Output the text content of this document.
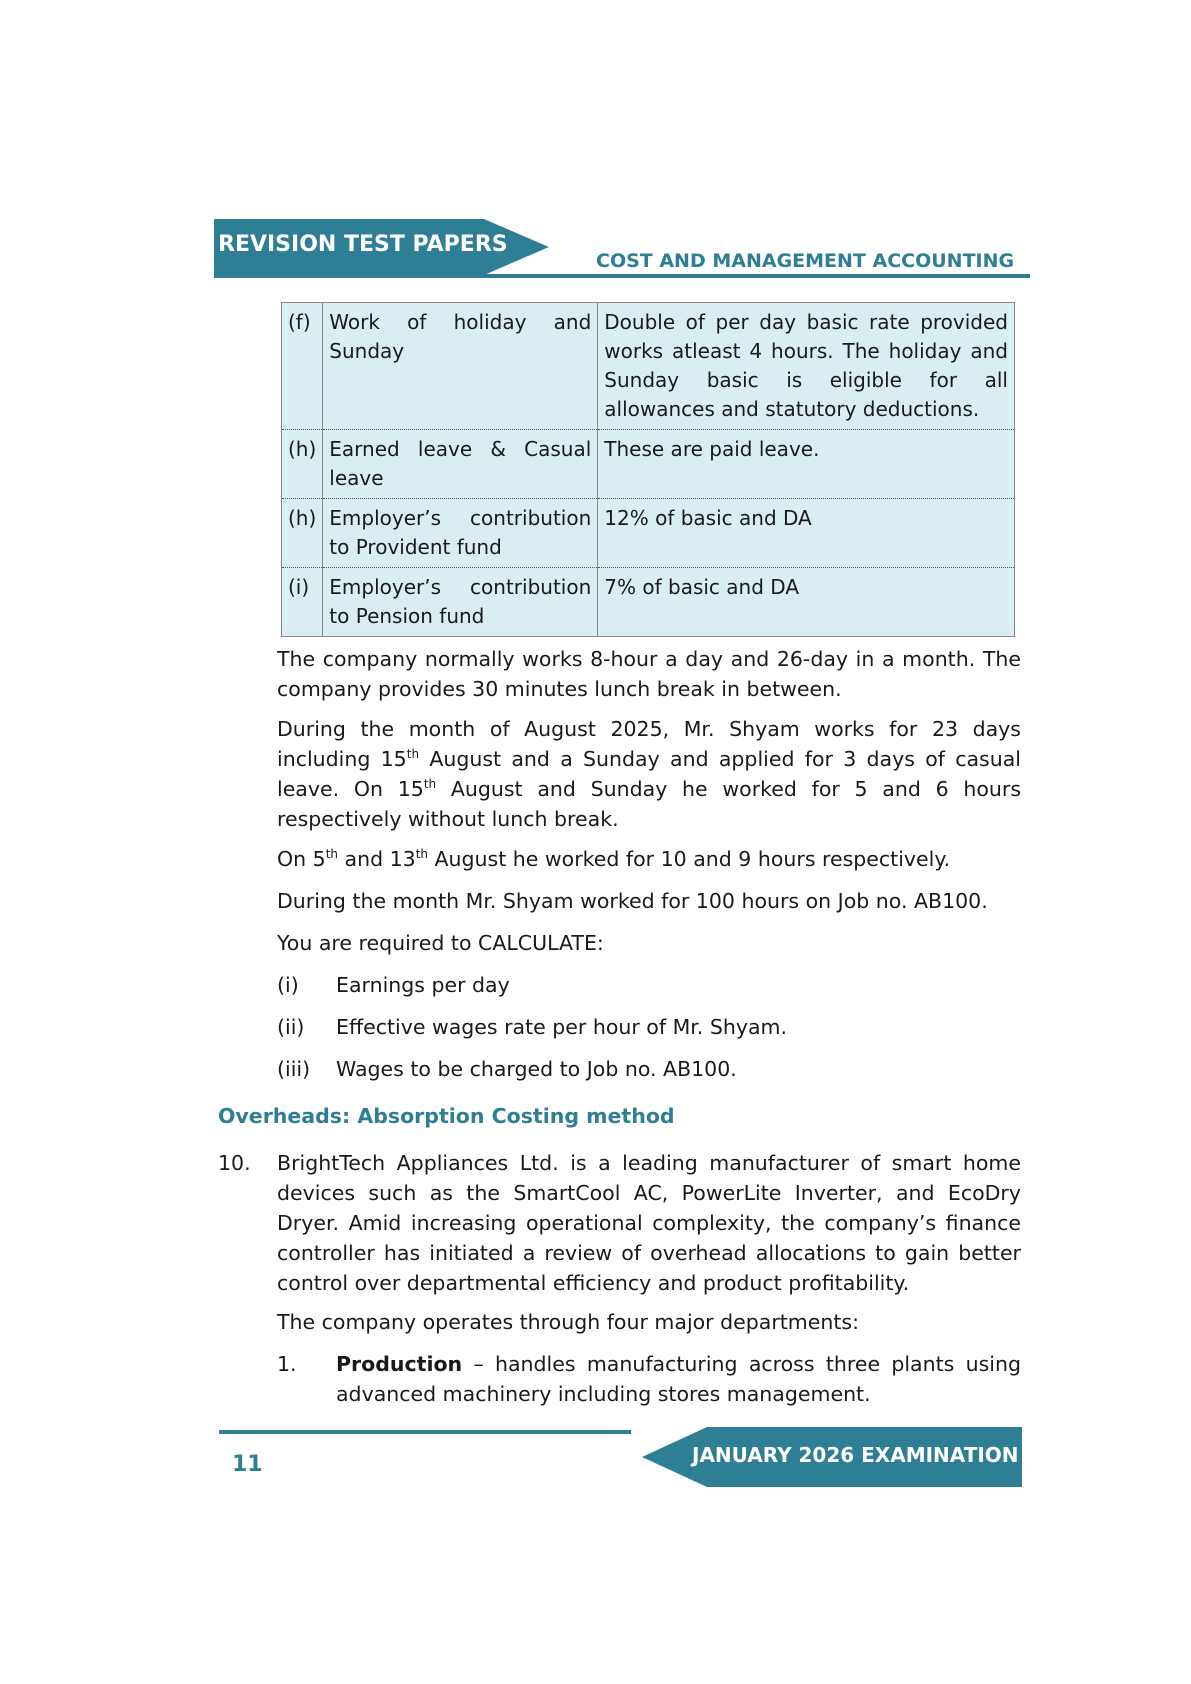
REVISION TEST PAPERS
COST AND MANAGEMENT ACCOUNTING
(f)	Work of holiday and Sunday	Double of per day basic rate provided works atleast 4 hours. The holiday and Sunday basic is eligible for all allowances and statutory deductions.
(h)	Earned leave & Casual leave	These are paid leave.
(h)	Employer’s contribution to Provident fund	12% of basic and DA
(i)	Employer’s contribution to Pension fund	7% of basic and DA
The company normally works 8-hour a day and 26-day in a month. The company provides 30 minutes lunch break in between.
During the month of August 2025, Mr. Shyam works for 23 days including 15th August and a Sunday and applied for 3 days of casual leave. On 15th August and Sunday he worked for 5 and 6 hours respectively without lunch break.
On 5th and 13th August he worked for 10 and 9 hours respectively.
During the month Mr. Shyam worked for 100 hours on Job no. AB100.
You are required to CALCULATE:
(i) Earnings per day
(ii) Effective wages rate per hour of Mr. Shyam.
(iii) Wages to be charged to Job no. AB100.
Overheads: Absorption Costing method
10. BrightTech Appliances Ltd. is a leading manufacturer of smart home devices such as the SmartCool AC, PowerLite Inverter, and EcoDry Dryer. Amid increasing operational complexity, the company’s finance controller has initiated a review of overhead allocations to gain better control over departmental efficiency and product profitability.
The company operates through four major departments:
1. Production – handles manufacturing across three plants using advanced machinery including stores management.
11	JANUARY 2026 EXAMINATION
